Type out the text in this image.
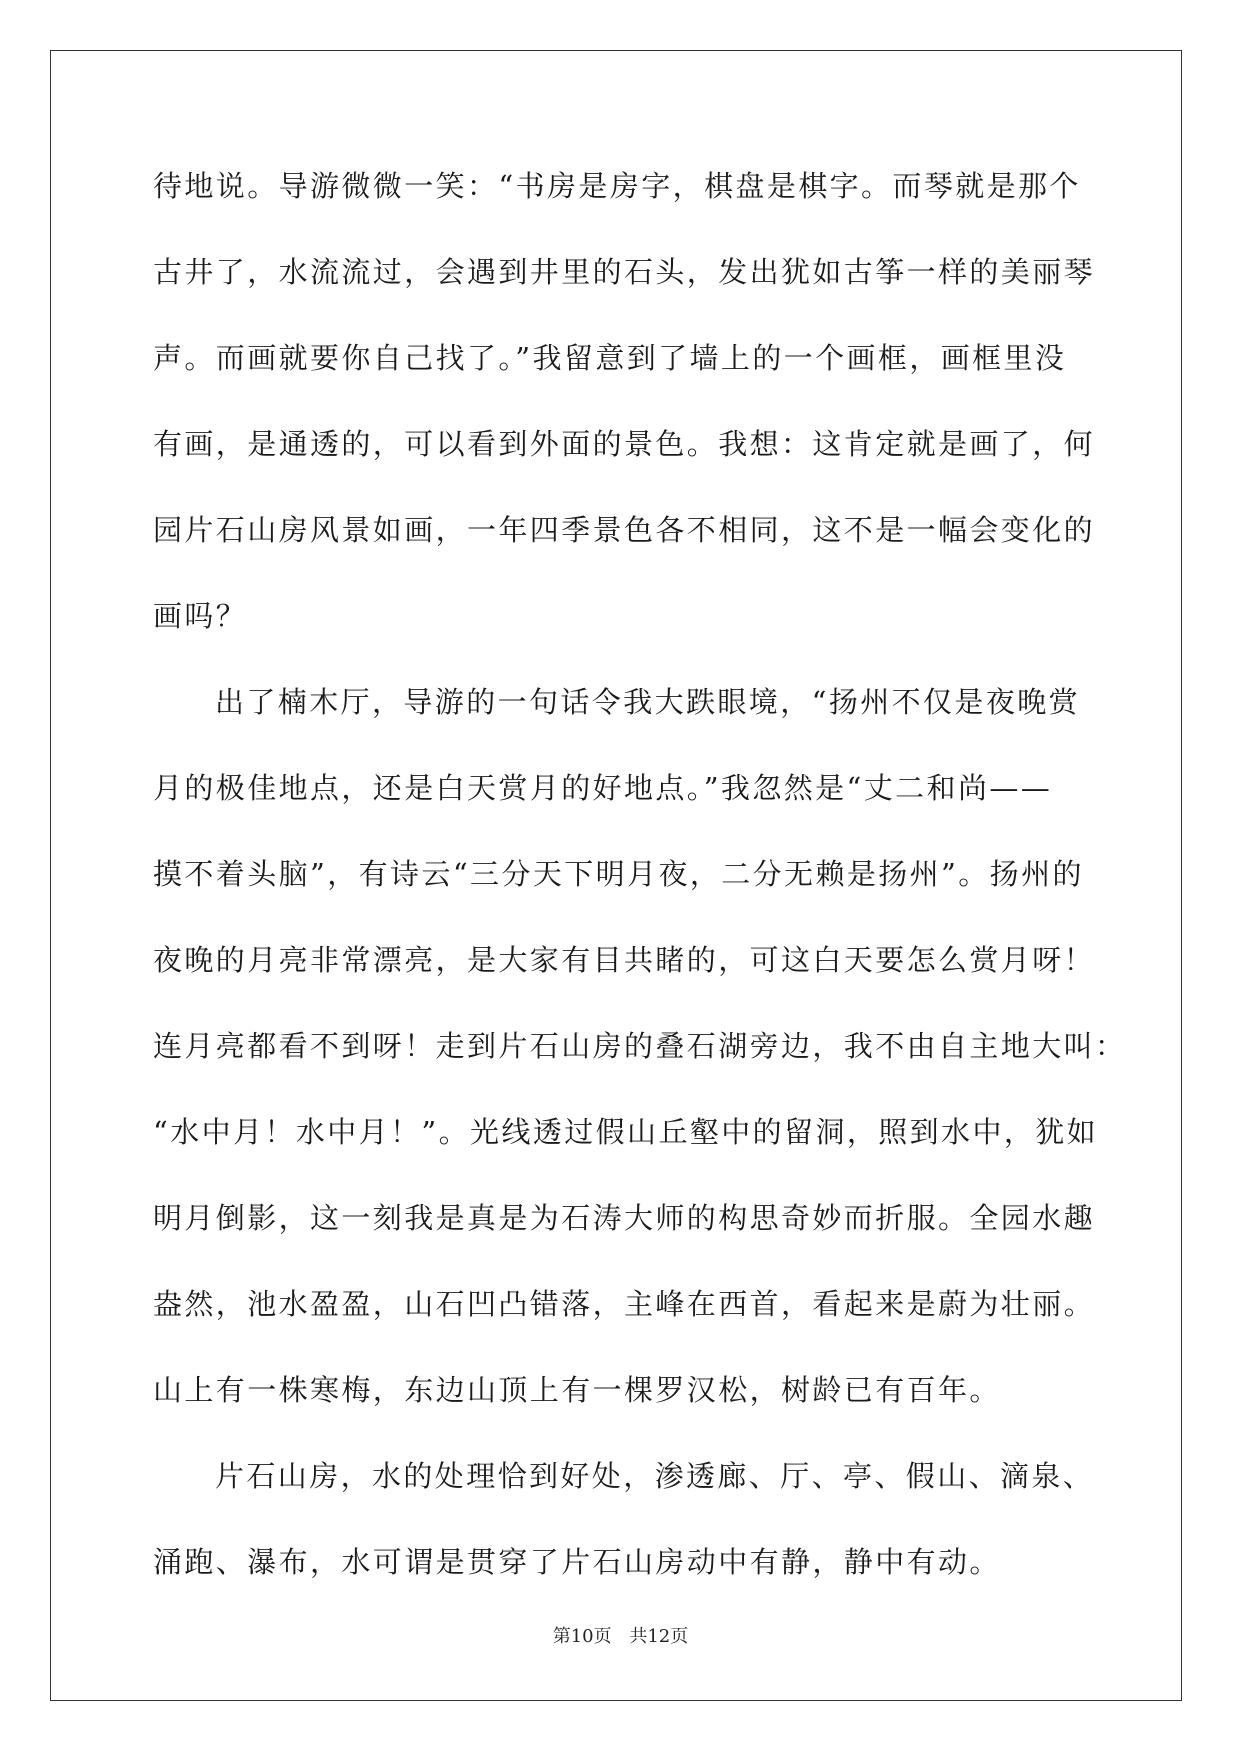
待地说。导游微微一笑：“书房是房字，棋盘是棋字。而琴就是那个
古井了，水流流过，会遇到井里的石头，发出犹如古筝一样的美丽琴
声。而画就要你自己找了。”我留意到了墙上的一个画框，画框里没
有画，是通透的，可以看到外面的景色。我想：这肯定就是画了，何
园片石山房风景如画，一年四季景色各不相同，这不是一幅会变化的
画吗？
出了楠木厅，导游的一句话令我大跌眼境，“扬州不仅是夜晚赏
月的极佳地点，还是白天赏月的好地点。”我忽然是“丈二和尚——
摸不着头脑”，有诗云“三分天下明月夜，二分无赖是扬州”。扬州的
夜晚的月亮非常漂亮，是大家有目共睹的，可这白天要怎么赏月呀！
连月亮都看不到呀！走到片石山房的叠石湖旁边，我不由自主地大叫：
“水中月！水中月！”。光线透过假山丘壑中的留洞，照到水中，犹如
明月倒影，这一刻我是真是为石涛大师的构思奇妙而折服。全园水趣
盎然，池水盈盈，山石凹凸错落，主峰在西首，看起来是蔚为壮丽。
山上有一株寒梅，东边山顶上有一棵罗汉松，树龄已有百年。
片石山房，水的处理恰到好处，渗透廊、厅、亭、假山、滴泉、
涌跑、瀑布，水可谓是贯穿了片石山房动中有静，静中有动。
第10页 共12页
